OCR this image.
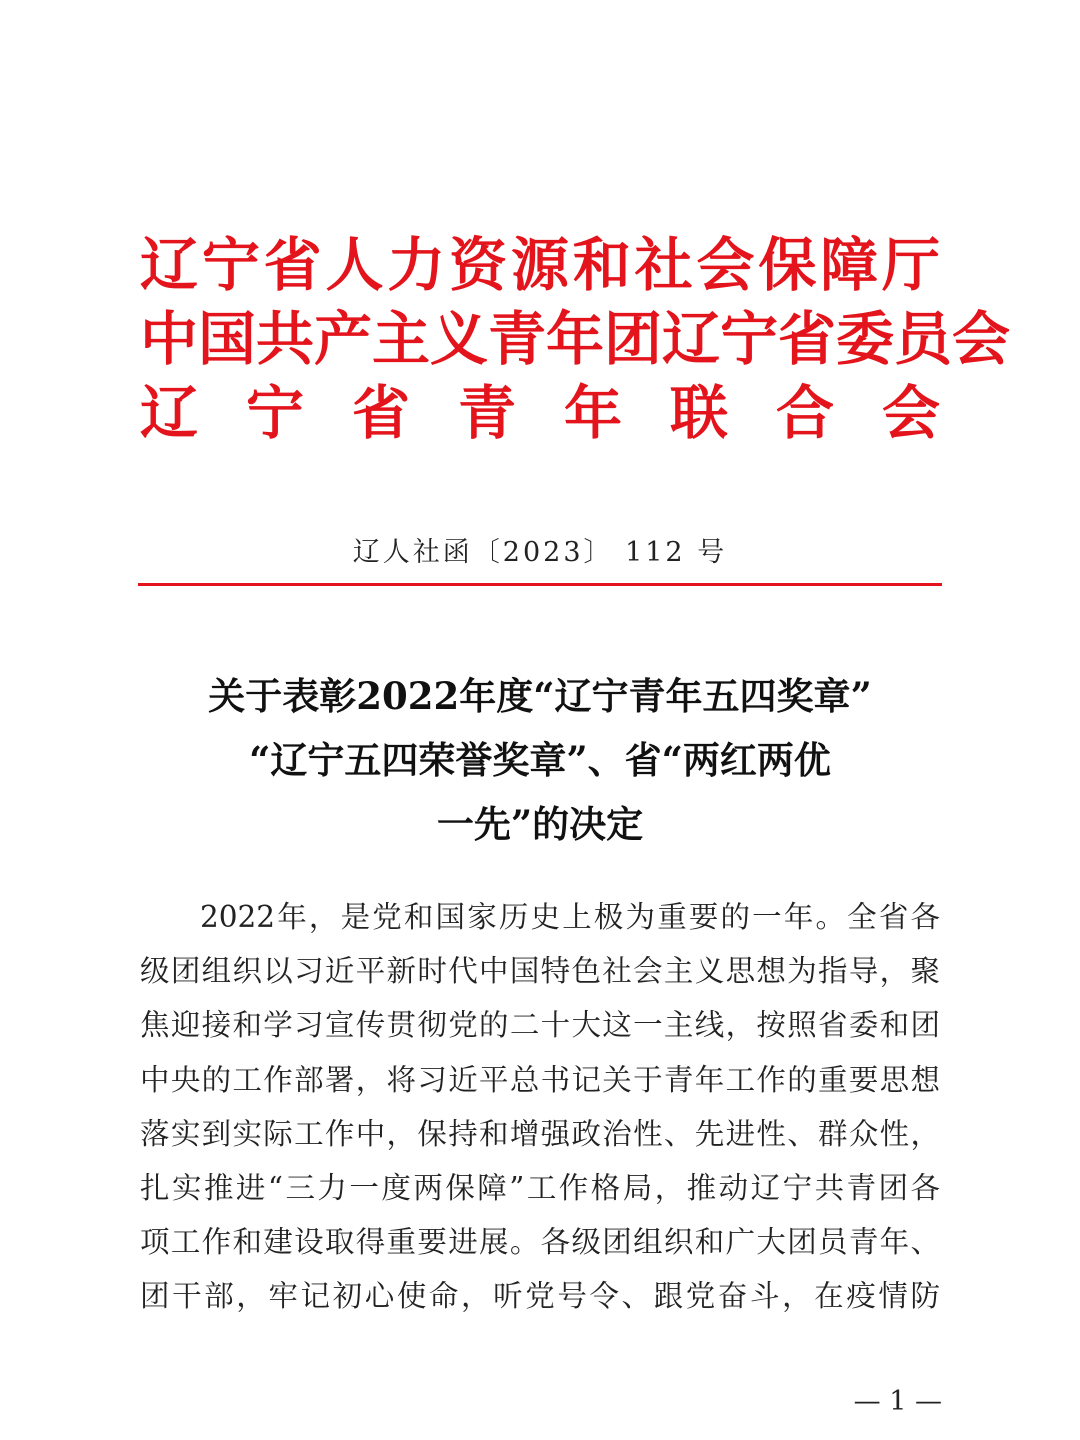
辽宁省人力资源和社会保障厅
中国共产主义青年团辽宁省委员会
辽 宁 省 青 年 联 合 会
辽人社函〔2023〕 112 号
关于表彰2022年度“辽宁青年五四奖章”
“辽宁五四荣誉奖章”、省“两红两优
一先”的决定
2022年，是党和国家历史上极为重要的一年。全省各
级团组织以习近平新时代中国特色社会主义思想为指导，聚
焦迎接和学习宣传贯彻党的二十大这一主线，按照省委和团
中央的工作部署，将习近平总书记关于青年工作的重要思想
落实到实际工作中，保持和增强政治性、先进性、群众性，
扎实推进“三力一度两保障”工作格局，推动辽宁共青团各
项工作和建设取得重要进展。各级团组织和广大团员青年、
团干部，牢记初心使命，听党号令、跟党奋斗，在疫情防
— 1 —
